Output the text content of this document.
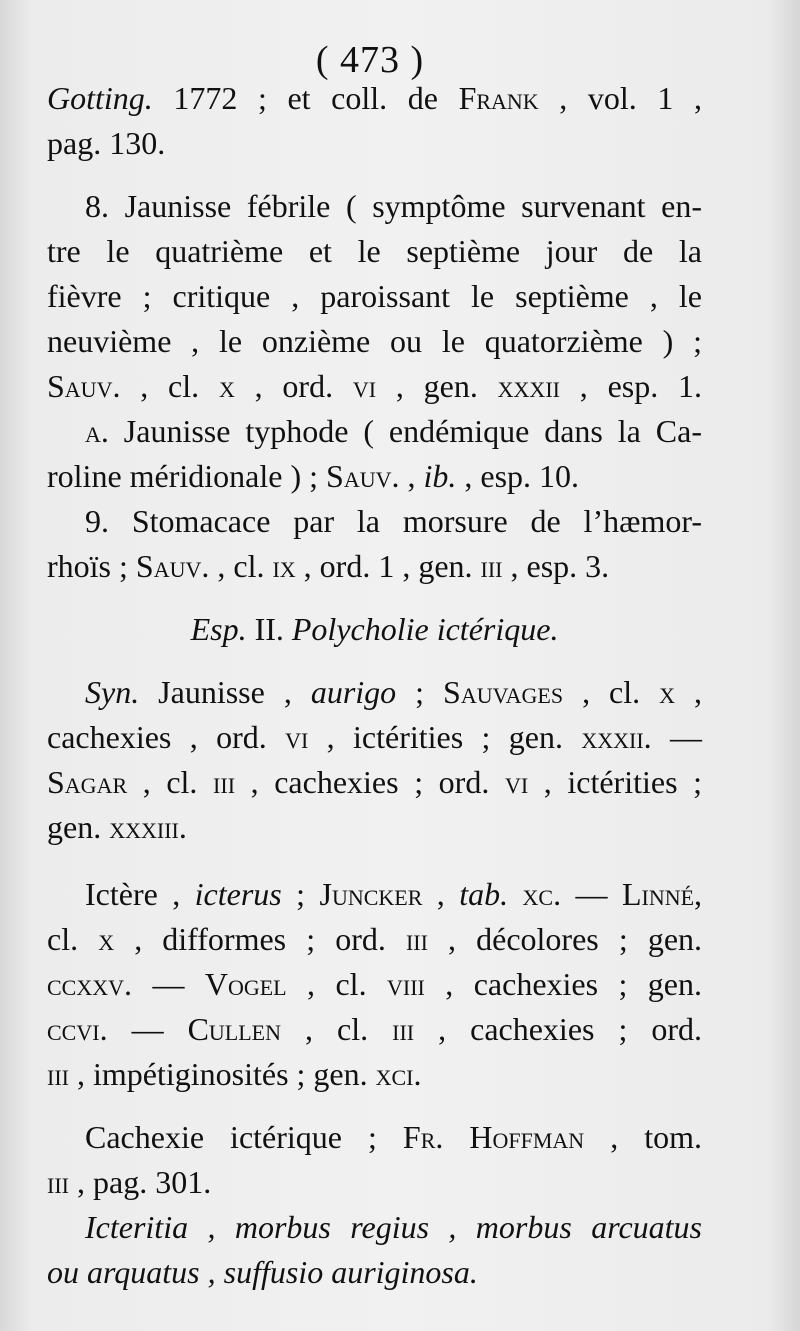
( 473 )
Gotting. 1772 ; et coll. de Frank , vol. 1 ,
pag. 130.
8. Jaunisse fébrile ( symptôme survenant en-
tre le quatrième et le septième jour de la
fièvre ; critique , paroissant le septième , le
neuvième , le onzième ou le quatorzième ) ;
Sauv. , cl. x , ord. vi , gen. xxxii , esp. 1.
a. Jaunisse typhode ( endémique dans la Ca-
roline méridionale ) ; Sauv. , ib. , esp. 10.
9. Stomacace par la morsure de l’hæmor-
rhoïs ; Sauv. , cl. ix , ord. 1 , gen. iii , esp. 3.
Esp. II. Polycholie ictérique.
Syn. Jaunisse , aurigo ; Sauvages , cl. x ,
cachexies , ord. vi , ictérities ; gen. xxxii. —
Sagar , cl. iii , cachexies ; ord. vi , ictérities ;
gen. xxxiii.
Ictère , icterus ; Juncker , tab. xc. — Linné,
cl. x , difformes ; ord. iii , décolores ; gen.
ccxxv. — Vogel , cl. viii , cachexies ; gen.
ccvi. — Cullen , cl. iii , cachexies ; ord.
iii , impétiginosités ; gen. xci.
Cachexie ictérique ; Fr. Hoffman , tom.
iii , pag. 301.
Icteritia , morbus regius , morbus arcuatus
ou arquatus , suffusio auriginosa.
